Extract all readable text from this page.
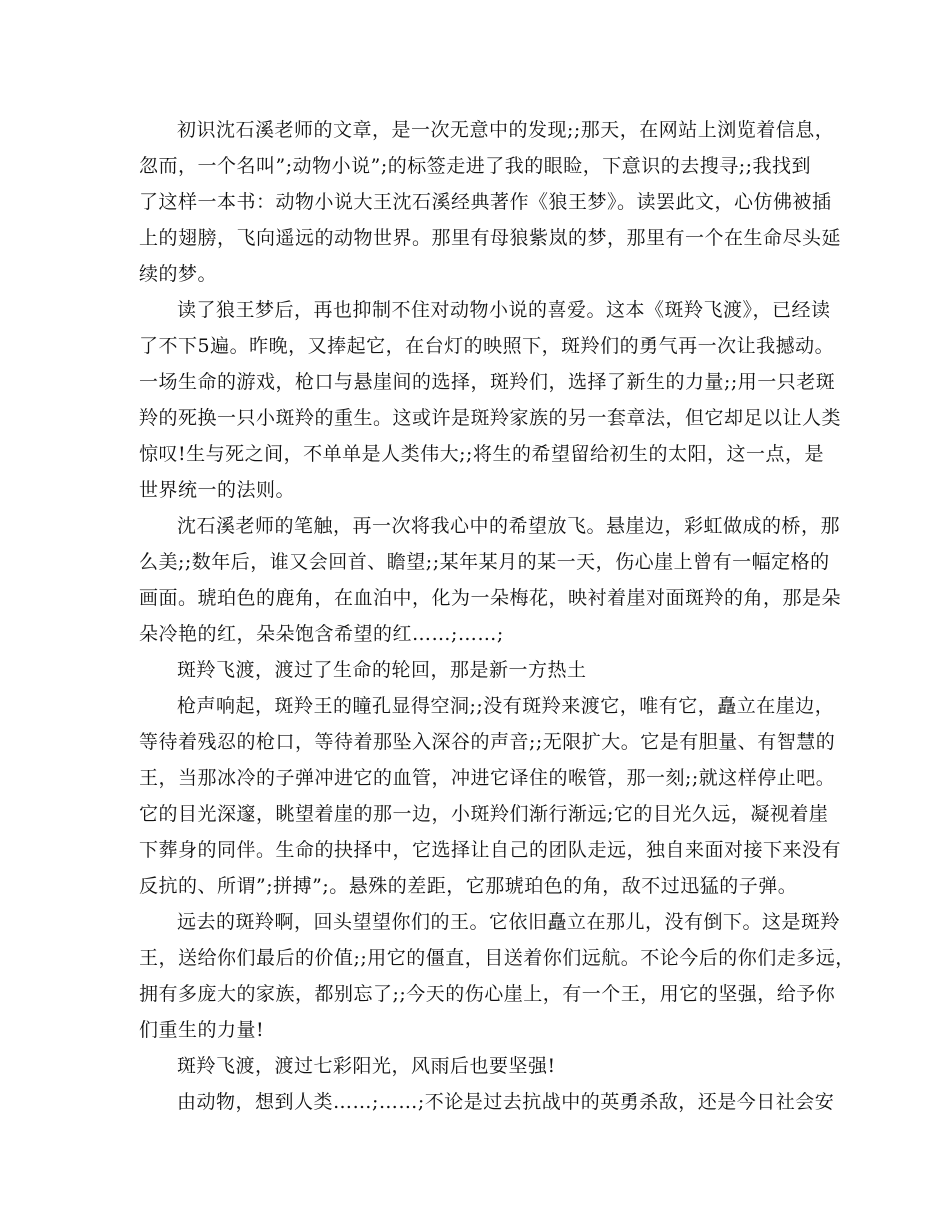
初识沈石溪老师的文章，是一次无意中的发现;;那天，在网站上浏览着信息，
忽而，一个名叫”;动物小说”;的标签走进了我的眼睑，下意识的去搜寻;;我找到
了这样一本书：动物小说大王沈石溪经典著作《狼王梦》。读罢此文，心仿佛被插
上的翅膀，飞向遥远的动物世界。那里有母狼紫岚的梦，那里有一个在生命尽头延
续的梦。
读了狼王梦后，再也抑制不住对动物小说的喜爱。这本《斑羚飞渡》，已经读
了不下5遍。昨晚，又捧起它，在台灯的映照下，斑羚们的勇气再一次让我撼动。
一场生命的游戏，枪口与悬崖间的选择，斑羚们，选择了新生的力量;;用一只老斑
羚的死换一只小斑羚的重生。这或许是斑羚家族的另一套章法，但它却足以让人类
惊叹!生与死之间，不单单是人类伟大;;将生的希望留给初生的太阳，这一点，是
世界统一的法则。
沈石溪老师的笔触，再一次将我心中的希望放飞。悬崖边，彩虹做成的桥，那
么美;;数年后，谁又会回首、瞻望;;某年某月的某一天，伤心崖上曾有一幅定格的
画面。琥珀色的鹿角，在血泊中，化为一朵梅花，映衬着崖对面斑羚的角，那是朵
朵冷艳的红，朵朵饱含希望的红……;……;
斑羚飞渡，渡过了生命的轮回，那是新一方热土
枪声响起，斑羚王的瞳孔显得空洞;;没有斑羚来渡它，唯有它，矗立在崖边，
等待着残忍的枪口，等待着那坠入深谷的声音;;无限扩大。它是有胆量、有智慧的
王，当那冰冷的子弹冲进它的血管，冲进它译住的喉管，那一刻;;就这样停止吧。
它的目光深邃，眺望着崖的那一边，小斑羚们渐行渐远;它的目光久远，凝视着崖
下葬身的同伴。生命的抉择中，它选择让自己的团队走远，独自来面对接下来没有
反抗的、所谓”;拼搏”;。悬殊的差距，它那琥珀色的角，敌不过迅猛的子弹。
远去的斑羚啊，回头望望你们的王。它依旧矗立在那儿，没有倒下。这是斑羚
王，送给你们最后的价值;;用它的僵直，目送着你们远航。不论今后的你们走多远，
拥有多庞大的家族，都别忘了;;今天的伤心崖上，有一个王，用它的坚强，给予你
们重生的力量!
斑羚飞渡，渡过七彩阳光，风雨后也要坚强!
由动物，想到人类……;……;不论是过去抗战中的英勇杀敌，还是今日社会安
